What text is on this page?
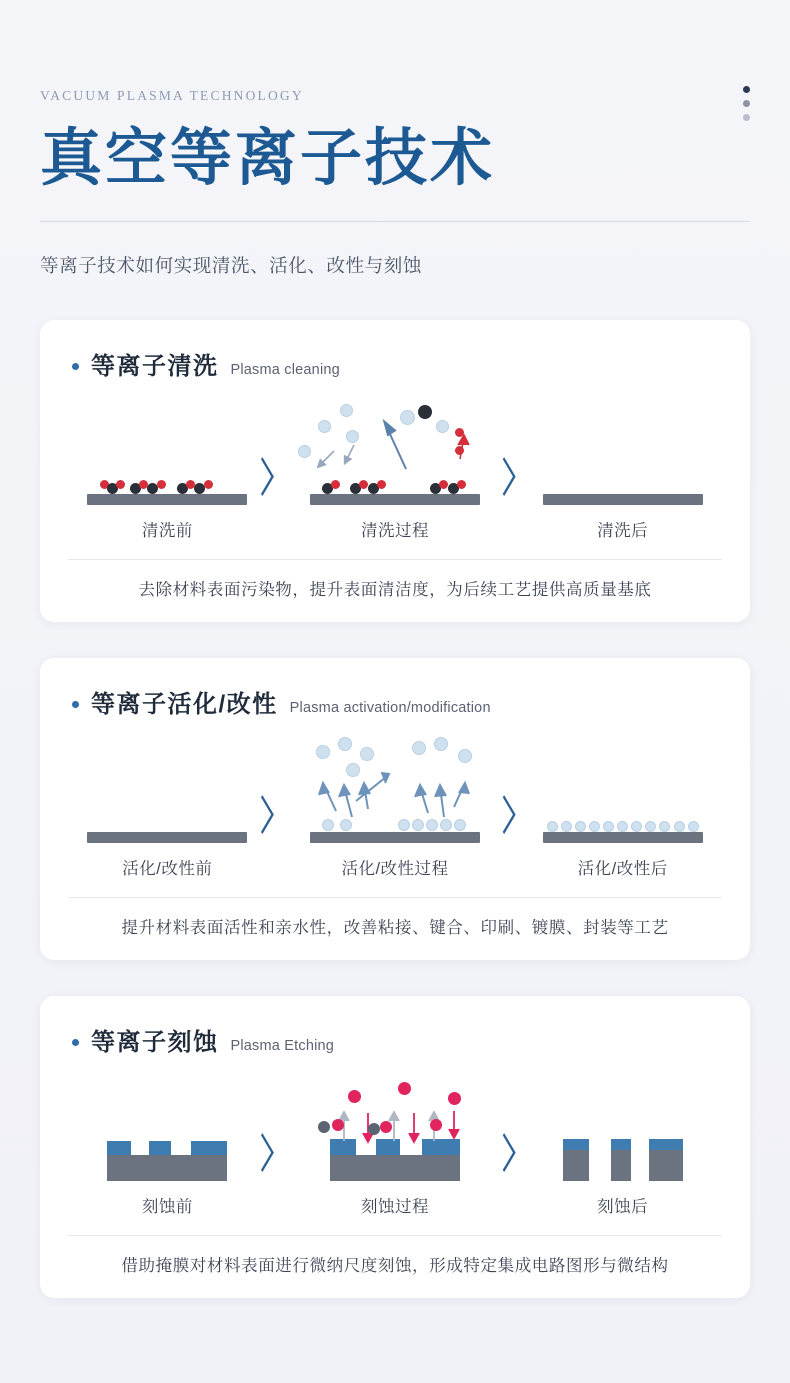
VACUUM PLASMA TECHNOLOGY
真空等离子技术
等离子技术如何实现清洗、活化、改性与刻蚀
等离子清洗 Plasma cleaning
清洗前
〉
清洗过程
〉
清洗后
去除材料表面污染物，提升表面清洁度，为后续工艺提供高质量基底
等离子活化/改性 Plasma activation/modification
活化/改性前
〉
活化/改性过程
〉
活化/改性后
提升材料表面活性和亲水性，改善粘接、键合、印刷、镀膜、封装等工艺
等离子刻蚀 Plasma Etching
刻蚀前
〉
刻蚀过程
〉
刻蚀后
借助掩膜对材料表面进行微纳尺度刻蚀，形成特定集成电路图形与微结构
